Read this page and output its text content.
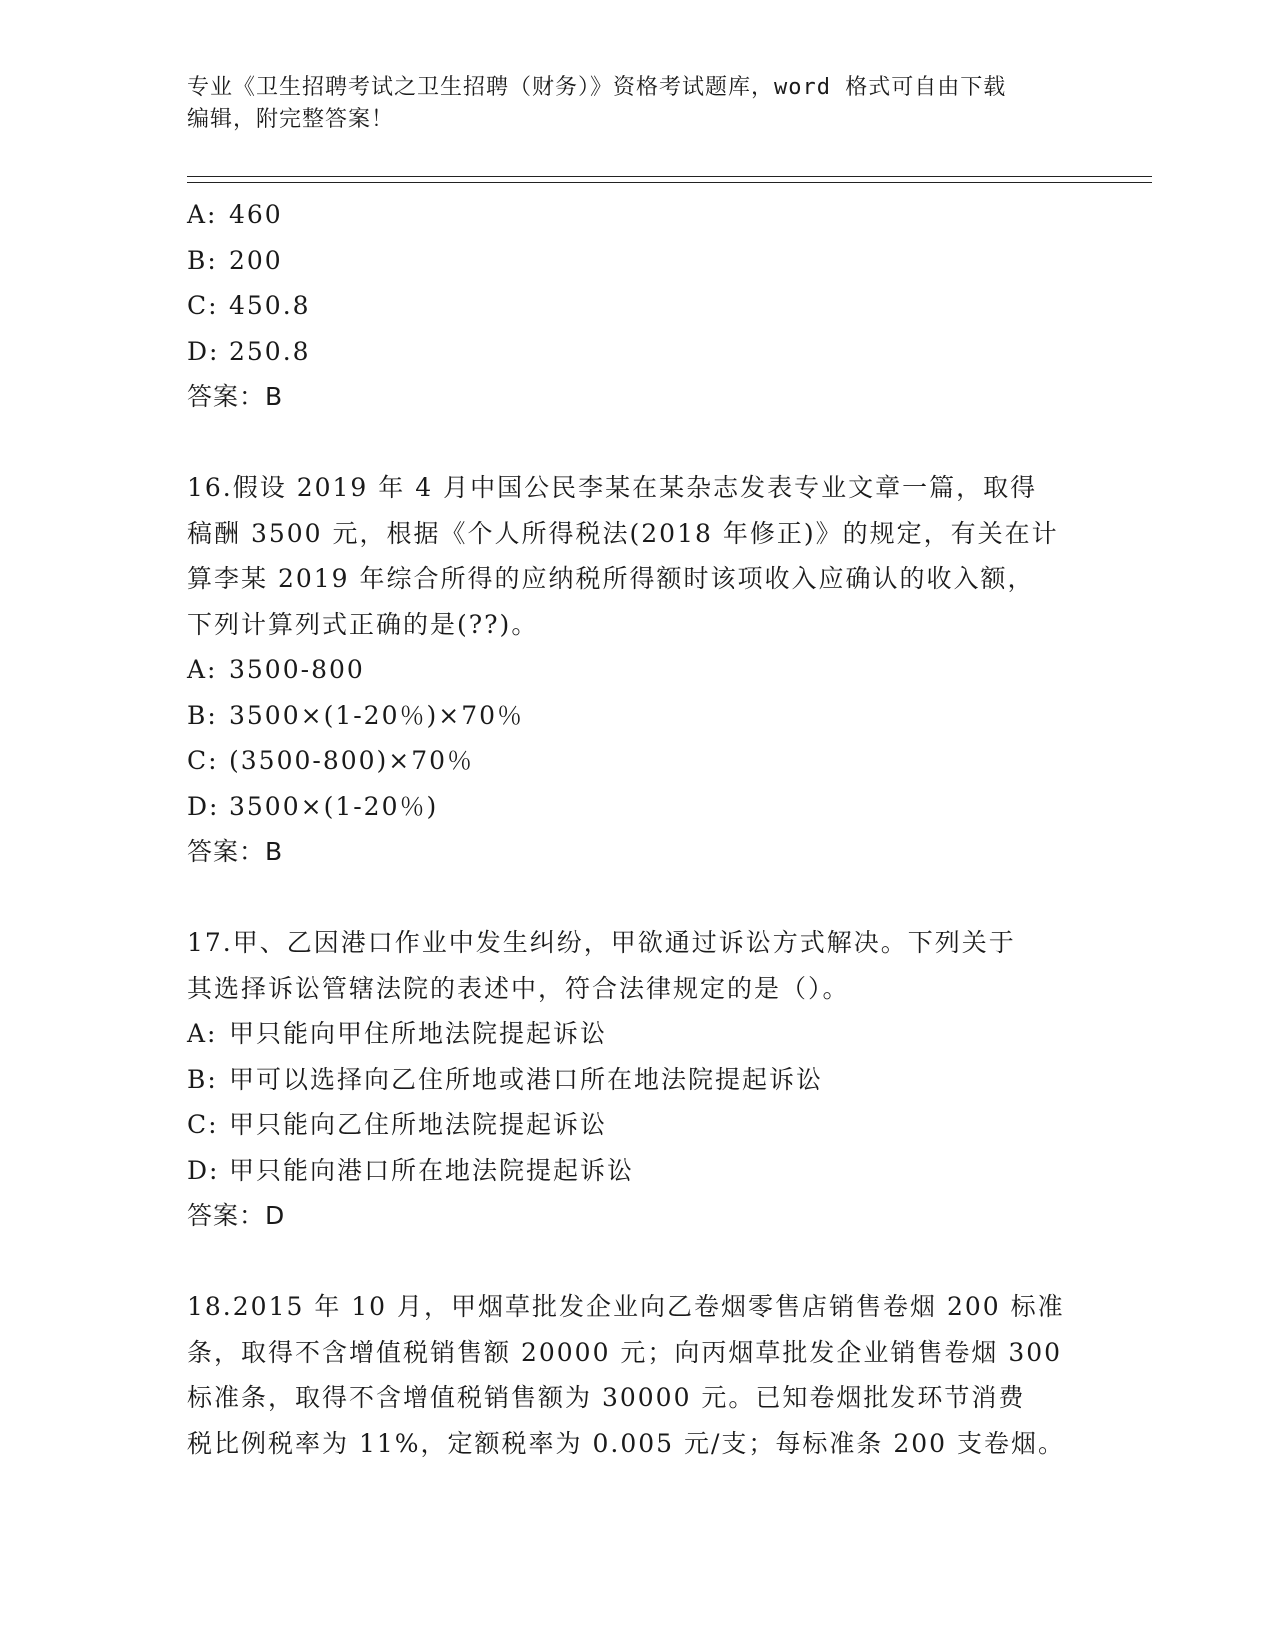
专业《卫生招聘考试之卫生招聘（财务）》资格考试题库，word 格式可自由下载
编辑，附完整答案！
A: 460
B: 200
C: 450.8
D: 250.8
答案：B
16.假设 2019 年 4 月中国公民李某在某杂志发表专业文章一篇，取得
稿酬 3500 元，根据《个人所得税法(2018 年修正)》的规定，有关在计
算李某 2019 年综合所得的应纳税所得额时该项收入应确认的收入额，
下列计算列式正确的是(??)。
A: 3500-800
B: 3500×(1-20％)×70％
C: (3500-800)×70％
D: 3500×(1-20％)
答案：B
17.甲、乙因港口作业中发生纠纷，甲欲通过诉讼方式解决。下列关于
其选择诉讼管辖法院的表述中，符合法律规定的是（）。
A: 甲只能向甲住所地法院提起诉讼
B: 甲可以选择向乙住所地或港口所在地法院提起诉讼
C: 甲只能向乙住所地法院提起诉讼
D: 甲只能向港口所在地法院提起诉讼
答案：D
18.2015 年 10 月，甲烟草批发企业向乙卷烟零售店销售卷烟 200 标准
条，取得不含增值税销售额 20000 元；向丙烟草批发企业销售卷烟 300
标准条，取得不含增值税销售额为 30000 元。已知卷烟批发环节消费
税比例税率为 11%，定额税率为 0.005 元/支；每标准条 200 支卷烟。
